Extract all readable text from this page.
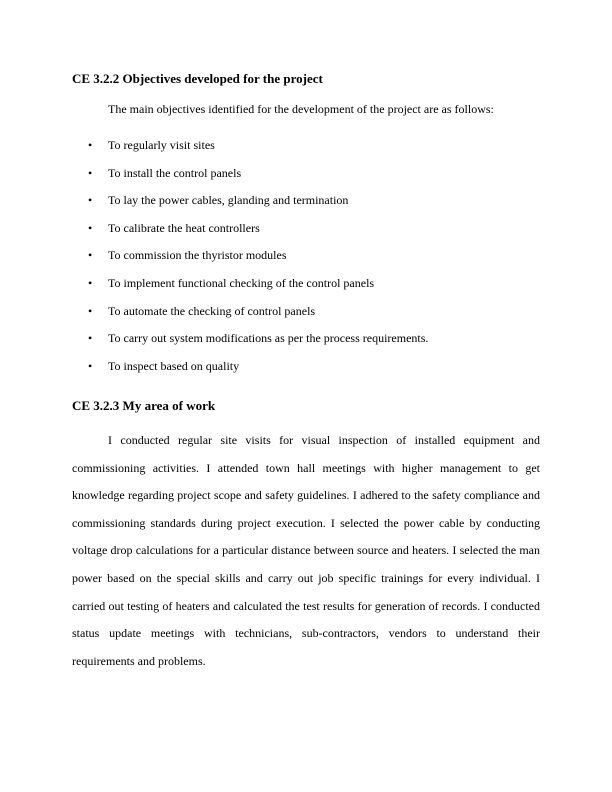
CE 3.2.2 Objectives developed for the project
The main objectives identified for the development of the project are as follows:
• To regularly visit sites
• To install the control panels
• To lay the power cables, glanding and termination
• To calibrate the heat controllers
• To commission the thyristor modules
• To implement functional checking of the control panels
• To automate the checking of control panels
• To carry out system modifications as per the process requirements.
• To inspect based on quality
CE 3.2.3 My area of work

I conducted regular site visits for visual inspection of installed equipment and commissioning activities. I attended town hall meetings with higher management to get knowledge regarding project scope and safety guidelines. I adhered to the safety compliance and commissioning standards during project execution. I selected the power cable by conducting voltage drop calculations for a particular distance between source and heaters. I selected the man power based on the special skills and carry out job specific trainings for every individual. I carried out testing of heaters and calculated the test results for generation of records. I conducted status update meetings with technicians, sub-contractors, vendors to understand their requirements and problems.
